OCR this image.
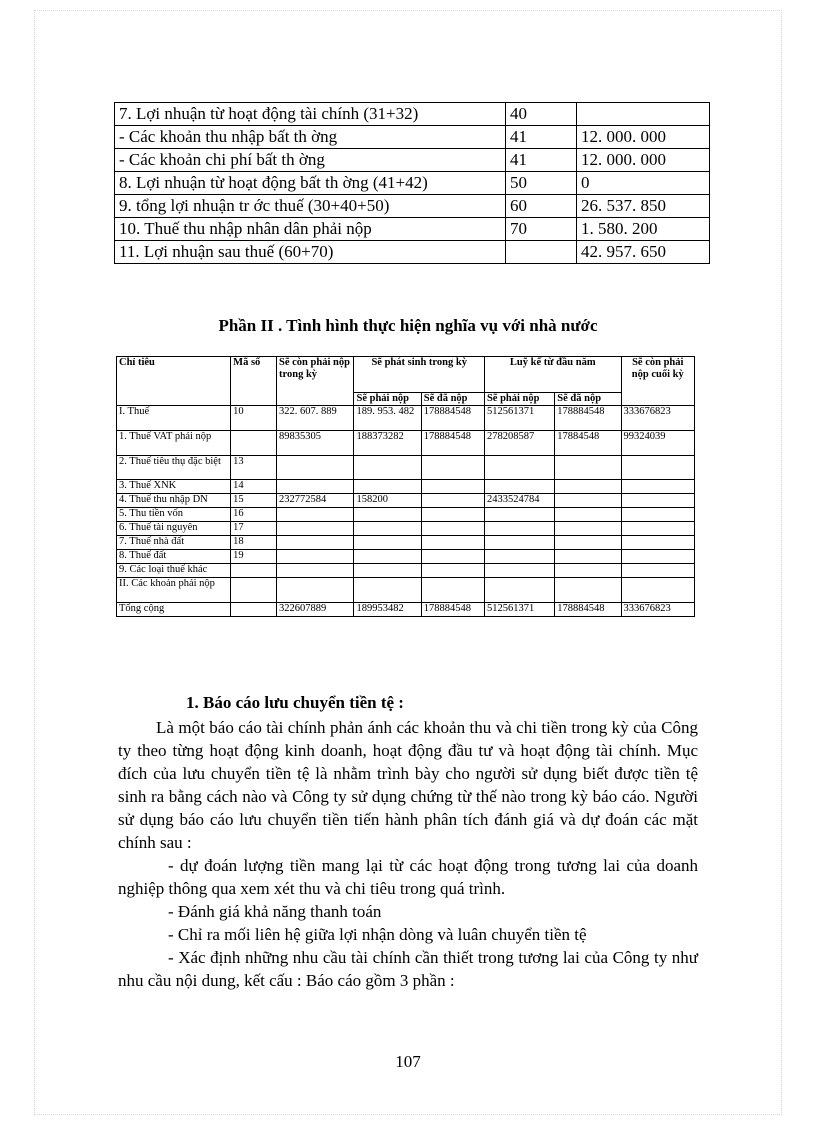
7. Lợi nhuận từ hoạt động tài chính (31+32)	40	
- Các khoản thu nhập bất th ờng	41	12. 000. 000
- Các khoản chi phí bất th ờng	41	12. 000. 000
8. Lợi nhuận từ hoạt động bất th ờng (41+42)	50	0
9. tổng lợi nhuận tr ớc thuế (30+40+50)	60	26. 537. 850
10. Thuế thu nhập nhân dân phải nộp	70	1. 580. 200
11. Lợi nhuận sau thuế (60+70)		42. 957. 650
Phần II . Tình hình thực hiện nghĩa vụ với nhà nước
Chỉ tiêu	Mã số	Sẽ còn phải nộp trong kỳ	Sẽ phát sinh trong kỳ		Luỹ kế từ đầu năm		Sẽ còn phải nộp cuối kỳ
			Sẽ phải nộp	Sẽ đã nộp	Sẽ phải nộp	Sẽ đã nộp	
I. Thuế	10	322. 607. 889	189. 953. 482	178884548	512561371	178884548	333676823
1. Thuế VAT phải nộp		89835305	188373282	178884548	278208587	17884548	99324039
2. Thuế tiêu thụ đặc biệt	13						
3. Thuế XNK	14						
4. Thuế thu nhập DN	15	232772584	158200		2433524784		
5. Thu tiền vốn	16						
6. Thuế tài nguyên	17						
7. Thuế nhà đất	18						
8. Thuế đất	19						
9. Các loại thuế khác							
II. Các khoản phải nộp							
Tổng cộng		322607889	189953482	178884548	512561371	178884548	333676823
1. Báo cáo lưu chuyển tiền tệ :

Là một báo cáo tài chính phản ánh các khoản thu và chi tiền trong kỳ của Công ty theo từng hoạt động kinh doanh, hoạt động đầu tư và hoạt động tài chính. Mục đích của lưu chuyển tiền tệ là nhằm trình bày cho người sử dụng biết được tiền tệ sinh ra bằng cách nào và Công ty sử dụng chứng từ thế nào trong kỳ báo cáo. Người sử dụng báo cáo lưu chuyển tiền tiến hành phân tích đánh giá và dự đoán các mặt chính sau :

- dự đoán lượng tiền mang lại từ các hoạt động trong tương lai của doanh nghiệp thông qua xem xét thu và chi tiêu trong quá trình.

- Đánh giá khả năng thanh toán

- Chỉ ra mối liên hệ giữa lợi nhận dòng và luân chuyển tiền tệ

- Xác định những nhu cầu tài chính cần thiết trong tương lai của Công ty như nhu cầu nội dung, kết cấu : Báo cáo gồm 3 phần :

107
